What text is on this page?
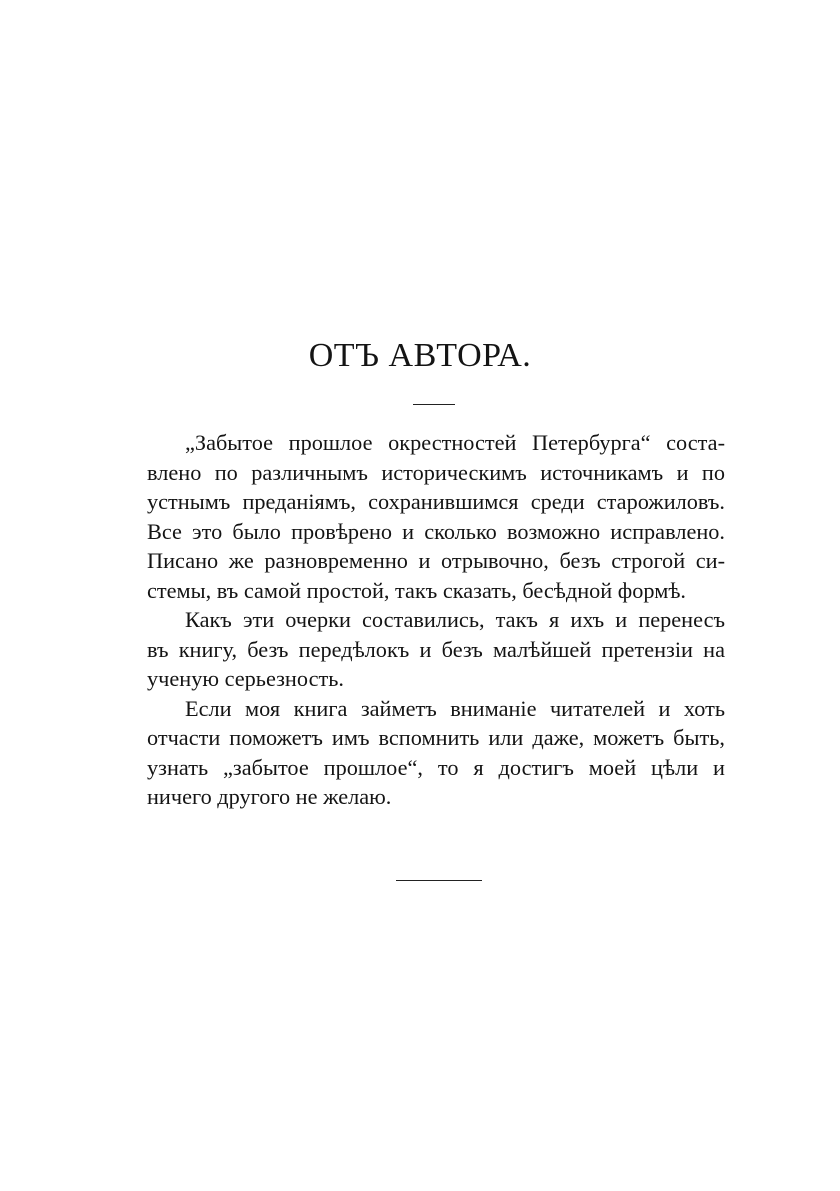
ОТЪ АВТОРА.

„Забытое прошлое окрестностей Петербурга“ соста-
влено по различнымъ историческимъ источникамъ и по
устнымъ преданіямъ, сохранившимся среди старожиловъ.
Все это было провѣрено и сколько возможно исправлено.
Писано же разновременно и отрывочно, безъ строгой си-
стемы, въ самой простой, такъ сказать, бесѣдной формѣ.

Какъ эти очерки составились, такъ я ихъ и перенесъ
въ книгу, безъ передѣлокъ и безъ малѣйшей претензіи на
ученую серьезность.

Если моя книга займетъ вниманіе читателей и хоть
отчасти поможетъ имъ вспомнить или даже, можетъ быть,
узнать „забытое прошлое“, то я достигъ моей цѣли и
ничего другого не желаю.
